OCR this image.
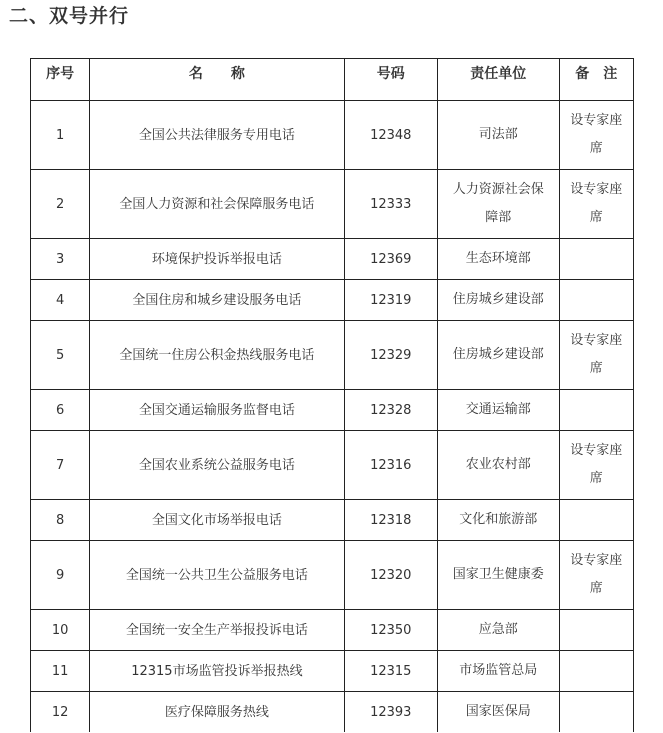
二、双号并行
序号	名　　称	号码	责任单位	备　注
1	全国公共法律服务专用电话	12348	司法部	设专家座席
2	全国人力资源和社会保障服务电话	12333	人力资源社会保障部	设专家座席
3	环境保护投诉举报电话	12369	生态环境部	
4	全国住房和城乡建设服务电话	12319	住房城乡建设部	
5	全国统一住房公积金热线服务电话	12329	住房城乡建设部	设专家座席
6	全国交通运输服务监督电话	12328	交通运输部	
7	全国农业系统公益服务电话	12316	农业农村部	设专家座席
8	全国文化市场举报电话	12318	文化和旅游部	
9	全国统一公共卫生公益服务电话	12320	国家卫生健康委	设专家座席
10	全国统一安全生产举报投诉电话	12350	应急部	
11	12315市场监管投诉举报热线	12315	市场监管总局	
12	医疗保障服务热线	12393	国家医保局	
